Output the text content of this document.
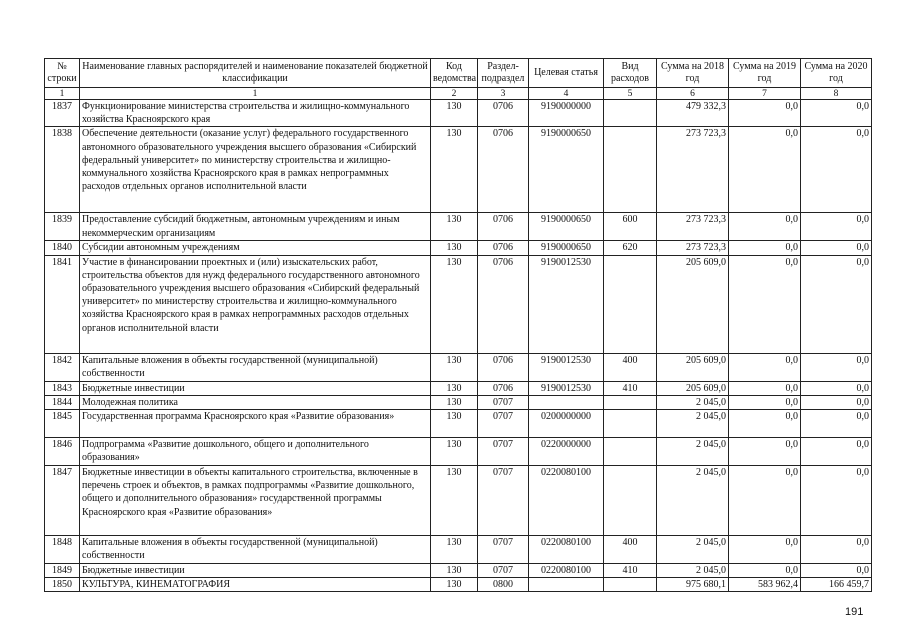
№ строки	Наименование главных распорядителей и наименование показателей бюджетной классификации	Код ведомства	Раздел-подраздел	Целевая статья	Вид расходов	Сумма на 2018 год	Сумма на 2019 год	Сумма на 2020 год
1	1	2	3	4	5	6	7	8
1837	Функционирование министерства строительства и жилищно-коммунального хозяйства Красноярского края	130	0706	9190000000		479 332,3	0,0	0,0
1838	Обеспечение деятельности (оказание услуг) федерального государственного автономного образовательного учреждения высшего образования «Сибирский федеральный университет» по министерству строительства и жилищно-коммунального хозяйства Красноярского края в рамках непрограммных расходов отдельных органов исполнительной власти	130	0706	9190000650		273 723,3	0,0	0,0
1839	Предоставление субсидий бюджетным, автономным учреждениям и иным некоммерческим организациям	130	0706	9190000650	600	273 723,3	0,0	0,0
1840	Субсидии автономным учреждениям	130	0706	9190000650	620	273 723,3	0,0	0,0
1841	Участие в финансировании проектных и (или) изыскательских работ, строительства объектов для нужд федерального государственного автономного образовательного учреждения высшего образования «Сибирский федеральный университет» по министерству строительства и жилищно-коммунального хозяйства Красноярского края в рамках непрограммных расходов отдельных органов исполнительной власти	130	0706	9190012530		205 609,0	0,0	0,0
1842	Капитальные вложения в объекты государственной (муниципальной) собственности	130	0706	9190012530	400	205 609,0	0,0	0,0
1843	Бюджетные инвестиции	130	0706	9190012530	410	205 609,0	0,0	0,0
1844	Молодежная политика	130	0707			2 045,0	0,0	0,0
1845	Государственная программа Красноярского края «Развитие образования»	130	0707	0200000000		2 045,0	0,0	0,0
1846	Подпрограмма «Развитие дошкольного, общего и дополнительного образования»	130	0707	0220000000		2 045,0	0,0	0,0
1847	Бюджетные инвестиции в объекты капитального строительства, включенные в перечень строек и объектов, в рамках подпрограммы «Развитие дошкольного, общего и дополнительного образования» государственной программы Красноярского края «Развитие образования»	130	0707	0220080100		2 045,0	0,0	0,0
1848	Капитальные вложения в объекты государственной (муниципальной) собственности	130	0707	0220080100	400	2 045,0	0,0	0,0
1849	Бюджетные инвестиции	130	0707	0220080100	410	2 045,0	0,0	0,0
1850	КУЛЬТУРА, КИНЕМАТОГРАФИЯ	130	0800			975 680,1	583 962,4	166 459,7
191
